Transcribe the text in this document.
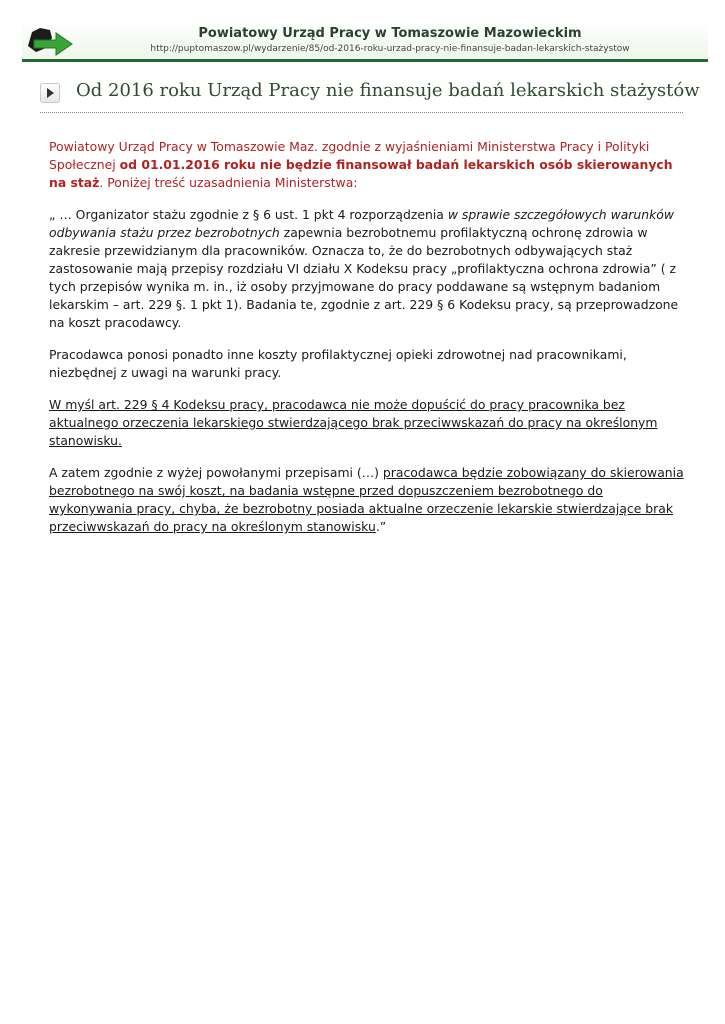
Powiatowy Urząd Pracy w Tomaszowie Mazowieckim
http://puptomaszow.pl/wydarzenie/85/od-2016-roku-urzad-pracy-nie-finansuje-badan-lekarskich-stażystow
Od 2016 roku Urząd Pracy nie finansuje badań lekarskich stażystów

Powiatowy Urząd Pracy w Tomaszowie Maz. zgodnie z wyjaśnieniami Ministerstwa Pracy i Polityki Społecznej od 01.01.2016 roku nie będzie finansował badań lekarskich osób skierowanych na staż. Poniżej treść uzasadnienia Ministerstwa:

„ … Organizator stażu zgodnie z § 6 ust. 1 pkt 4 rozporządzenia w sprawie szczegółowych warunków odbywania stażu przez bezrobotnych zapewnia bezrobotnemu profilaktyczną ochronę zdrowia w zakresie przewidzianym dla pracowników. Oznacza to, że do bezrobotnych odbywających staż zastosowanie mają przepisy rozdziału VI działu X Kodeksu pracy „profilaktyczna ochrona zdrowia” ( z tych przepisów wynika m. in., iż osoby przyjmowane do pracy poddawane są wstępnym badaniom lekarskim – art. 229 §. 1 pkt 1). Badania te, zgodnie z art. 229 § 6 Kodeksu pracy, są przeprowadzone na koszt pracodawcy.

Pracodawca ponosi ponadto inne koszty profilaktycznej opieki zdrowotnej nad pracownikami, niezbędnej z uwagi na warunki pracy.

W myśl art. 229 § 4 Kodeksu pracy, pracodawca nie może dopuścić do pracy pracownika bez aktualnego orzeczenia lekarskiego stwierdzającego brak przeciwwskazań do pracy na określonym stanowisku.

A zatem zgodnie z wyżej powołanymi przepisami (…) pracodawca będzie zobowiązany do skierowania bezrobotnego na swój koszt, na badania wstępne przed dopuszczeniem bezrobotnego do wykonywania pracy, chyba, że bezrobotny posiada aktualne orzeczenie lekarskie stwierdzające brak przeciwwskazań do pracy na określonym stanowisku.”
